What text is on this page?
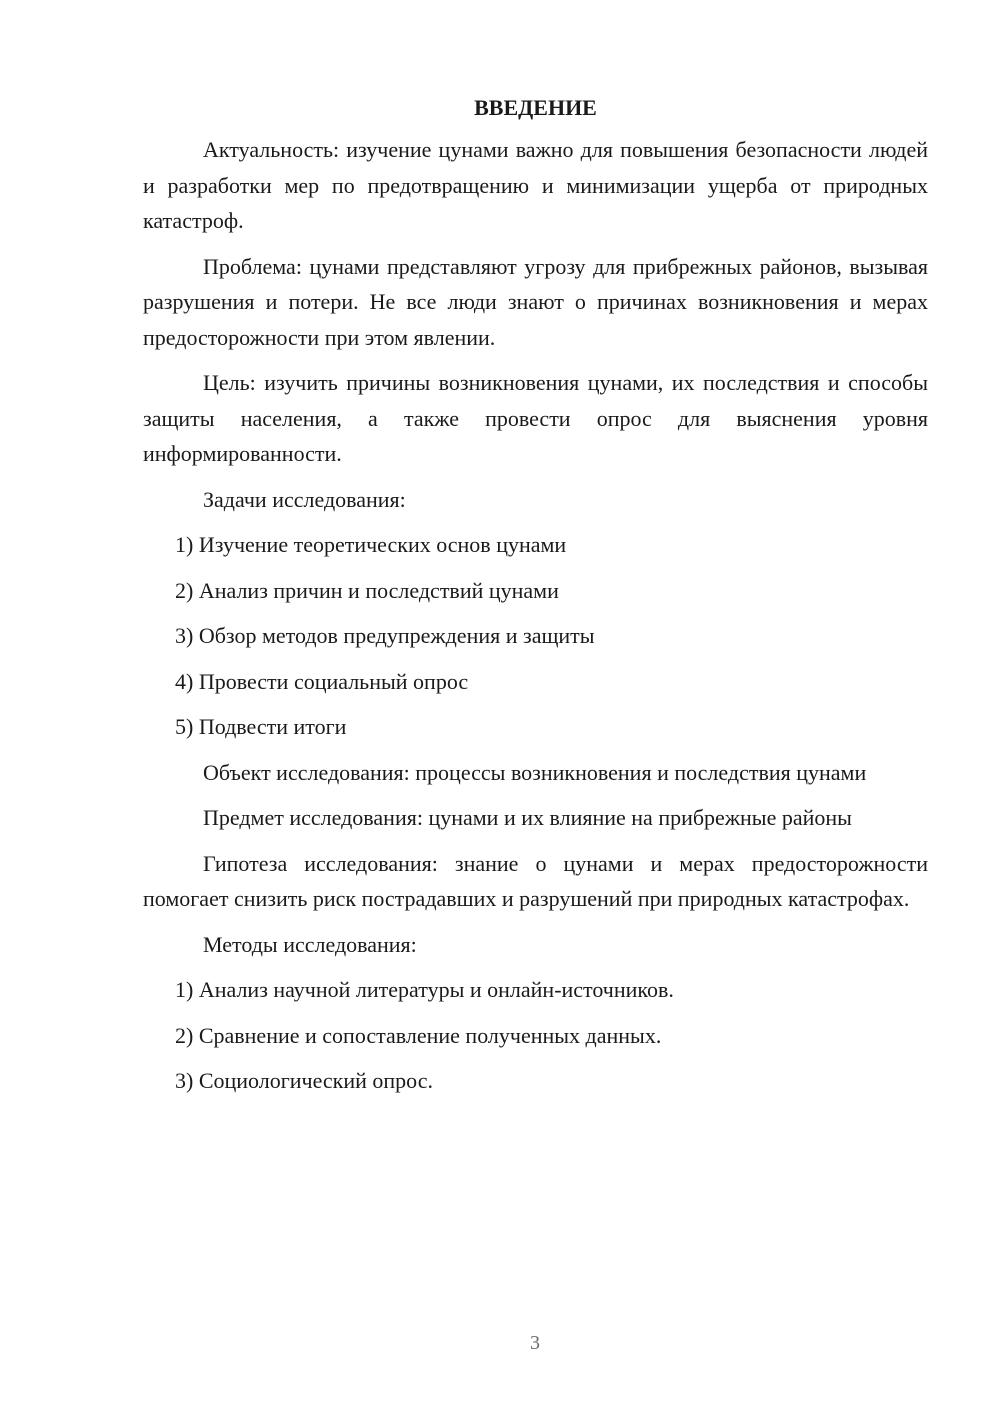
ВВЕДЕНИЕ

Актуальность: изучение цунами важно для повышения безопасности людей и разработки мер по предотвращению и минимизации ущерба от природных катастроф.

Проблема: цунами представляют угрозу для прибрежных районов, вызывая разрушения и потери. Не все люди знают о причинах возникновения и мерах предосторожности при этом явлении.

Цель: изучить причины возникновения цунами, их последствия и способы защиты населения, а также провести опрос для выяснения уровня информированности.

Задачи исследования:

1) Изучение теоретических основ цунами

2) Анализ причин и последствий цунами

3) Обзор методов предупреждения и защиты

4) Провести социальный опрос

5) Подвести итоги

Объект исследования: процессы возникновения и последствия цунами

Предмет исследования: цунами и их влияние на прибрежные районы

Гипотеза исследования: знание о цунами и мерах предосторожности помогает снизить риск пострадавших и разрушений при природных катастрофах.

Методы исследования:

1) Анализ научной литературы и онлайн-источников.

2) Сравнение и сопоставление полученных данных.

3) Социологический опрос.

3
